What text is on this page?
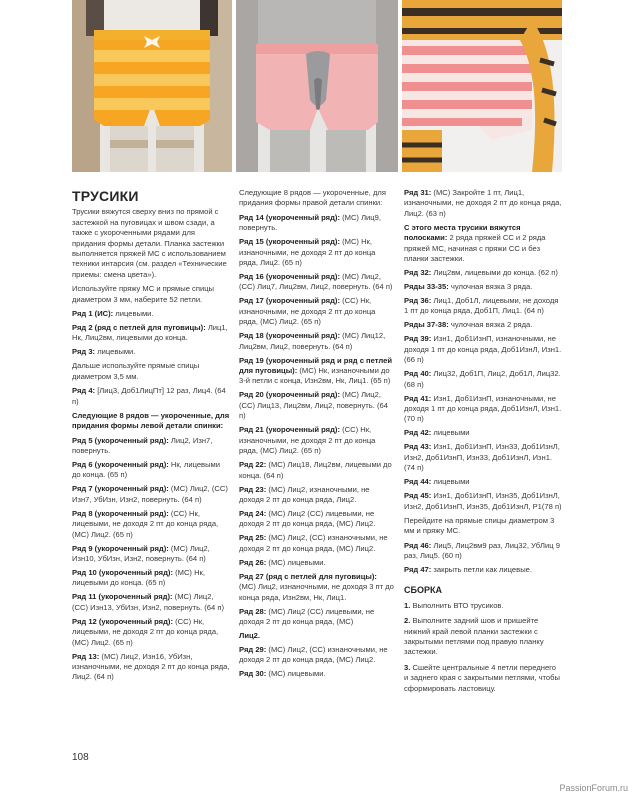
ТРУСИКИ

Трусики вяжутся сверху вниз по прямой с застежкой на пуговицах и швом сзади, а также с укороченными рядами для придания формы детали. Планка застежки выполняется пряжей МС с использованием техники интарсия (см. раздел «Технические приемы: смена цвета»).

Используйте пряжу МС и прямые спицы диаметром 3 мм, наберите 52 петли.

Ряд 1 (ИС): лицевыми.
Ряд 2 (ряд с петлей для пуговицы): Лиц1, Нк, Лиц2вм, лицевыми до конца.
Ряд 3: лицевыми.

Дальше используйте прямые спицы диаметром 3,5 мм.

Ряд 4: [Лиц3, Доб1ЛицПт] 12 раз, Лиц4. (64 п)

Следующие 8 рядов — укороченные, для придания формы левой детали спинки:

Ряд 5 (укороченный ряд): Лиц2, Изн7, повернуть.
Ряд 6 (укороченный ряд): Нк, лицевыми до конца. (65 п)
Ряд 7 (укороченный ряд): (МС) Лиц2, (СС) Изн7, УбИзн, Изн2, повернуть. (64 п)
Ряд 8 (укороченный ряд): (СС) Нк, лицевыми, не доходя 2 пт до конца ряда, (МС) Лиц2. (65 п)
Ряд 9 (укороченный ряд): (МС) Лиц2, Изн10, УбИзн, Изн2, повернуть. (64 п)
Ряд 10 (укороченный ряд): (МС) Нк, лицевыми до конца. (65 п)
Ряд 11 (укороченный ряд): (МС) Лиц2, (СС) Изн13, УбИзн, Изн2, повернуть. (64 п)
Ряд 12 (укороченный ряд): (СС) Нк, лицевыми, не доходя 2 пт до конца ряда, (МС) Лиц2. (65 п)
Ряд 13: (МС) Лиц2, Изн16, УбИзн, изнаночными, не доходя 2 пт до конца ряда, Лиц2. (64 п)

Следующие 8 рядов — укороченные, для придания формы правой детали спинки:

Ряд 14 (укороченный ряд): (МС) Лиц9, повернуть.
Ряд 15 (укороченный ряд): (МС) Нк, изнаночными, не доходя 2 пт до конца ряда, Лиц2. (65 п)
Ряд 16 (укороченный ряд): (МС) Лиц2, (СС) Лиц7, Лиц2вм, Лиц2, повернуть. (64 п)
Ряд 17 (укороченный ряд): (СС) Нк, изнаночными, не доходя 2 пт до конца ряда, (МС) Лиц2. (65 п)
Ряд 18 (укороченный ряд): (МС) Лиц12, Лиц2вм, Лиц2, повернуть. (64 п)
Ряд 19 (укороченный ряд и ряд с петлей для пуговицы): (МС) Нк, изнаночными до 3-й петли с конца, Изн2вм, Нк, Лиц1. (65 п)
Ряд 20 (укороченный ряд): (МС) Лиц2, (СС) Лиц13, Лиц2вм, Лиц2, повернуть. (64 п)
Ряд 21 (укороченный ряд): (СС) Нк, изнаночными, не доходя 2 пт до конца ряда, (МС) Лиц2. (65 п)
Ряд 22: (МС) Лиц18, Лиц2вм, лицевыми до конца. (64 п)
Ряд 23: (МС) Лиц2, изнаночными, не доходя 2 пт до конца ряда, Лиц2.
Ряд 24: (МС) Лиц2 (СС) лицевыми, не доходя 2 пт до конца ряда, (МС) Лиц2.
Ряд 25: (МС) Лиц2, (СС) изнаночными, не доходя 2 пт до конца ряда, (МС) Лиц2.
Ряд 26: (МС) лицевыми.
Ряд 27 (ряд с петлей для пуговицы): (МС) Лиц2, изнаночными, не доходя 3 пт до конца ряда, Изн2вм, Нк, Лиц1.
Ряд 28: (МС) Лиц2 (СС) лицевыми, не доходя 2 пт до конца ряда, (МС)
Лиц2.
Ряд 29: (МС) Лиц2, (СС) изнаночными, не доходя 2 пт до конца ряда, (МС) Лиц2.
Ряд 30: (МС) лицевыми.
Ряд 31: (МС) Закройте 1 пт, Лиц1, изнаночными, не доходя 2 пт до конца ряда, Лиц2. (63 п)
С этого места трусики вяжутся полосками: 2 ряда пряжей СС и 2 ряда пряжей МС, начиная с пряжи СС и без планки застежки.
Ряд 32: Лиц2вм, лицевыми до конца. (62 п)
Ряды 33-35: чулочная вязка 3 ряда.
Ряд 36: Лиц1, Доб1Л, лицевыми, не доходя 1 пт до конца ряда, Доб1П, Лиц1. (64 п)
Ряды 37-38: чулочная вязка 2 ряда.
Ряд 39: Изн1, Доб1ИзнП, изнаночными, не доходя 1 пт до конца ряда, Доб1ИзнЛ, Изн1. (66 п)
Ряд 40: Лиц32, Доб1П, Лиц2, Доб1Л, Лиц32. (68 п)
Ряд 41: Изн1, Доб1ИзнП, изнаночными, не доходя 1 пт до конца ряда, Доб1ИзнЛ, Изн1. (70 п)
Ряд 42: лицевыми
Ряд 43: Изн1, Доб1ИзнП, Изн33, Доб1ИзнЛ, Изн2, Доб1ИзнП, Изн33, Доб1ИзнЛ, Изн1. (74 п)
Ряд 44: лицевыми
Ряд 45: Изн1, Доб1ИзнП, Изн35, Доб1ИзнЛ, Изн2, Доб1ИзнП, Изн35, Доб1ИзнЛ, Р1(78 п)

Перейдите на прямые спицы диаметром 3 мм и пряжу МС.

Ряд 46: Лиц5, Лиц2вм9 раз, Лиц32, УбЛиц 9 раз, Лиц5. (60 п)
Ряд 47: закрыть петли как лицевые.
СБОРКА
1. Выполнить ВТО трусиков.
2. Выполните задний шов и пришейте нижний край левой планки застежки с закрытыми петлями под правую планку застежки.
3. Сшейте центральные 4 петли переднего и заднего края с закрытыми петлями, чтобы сформировать ластовицу.
108
PassionForum.ru
